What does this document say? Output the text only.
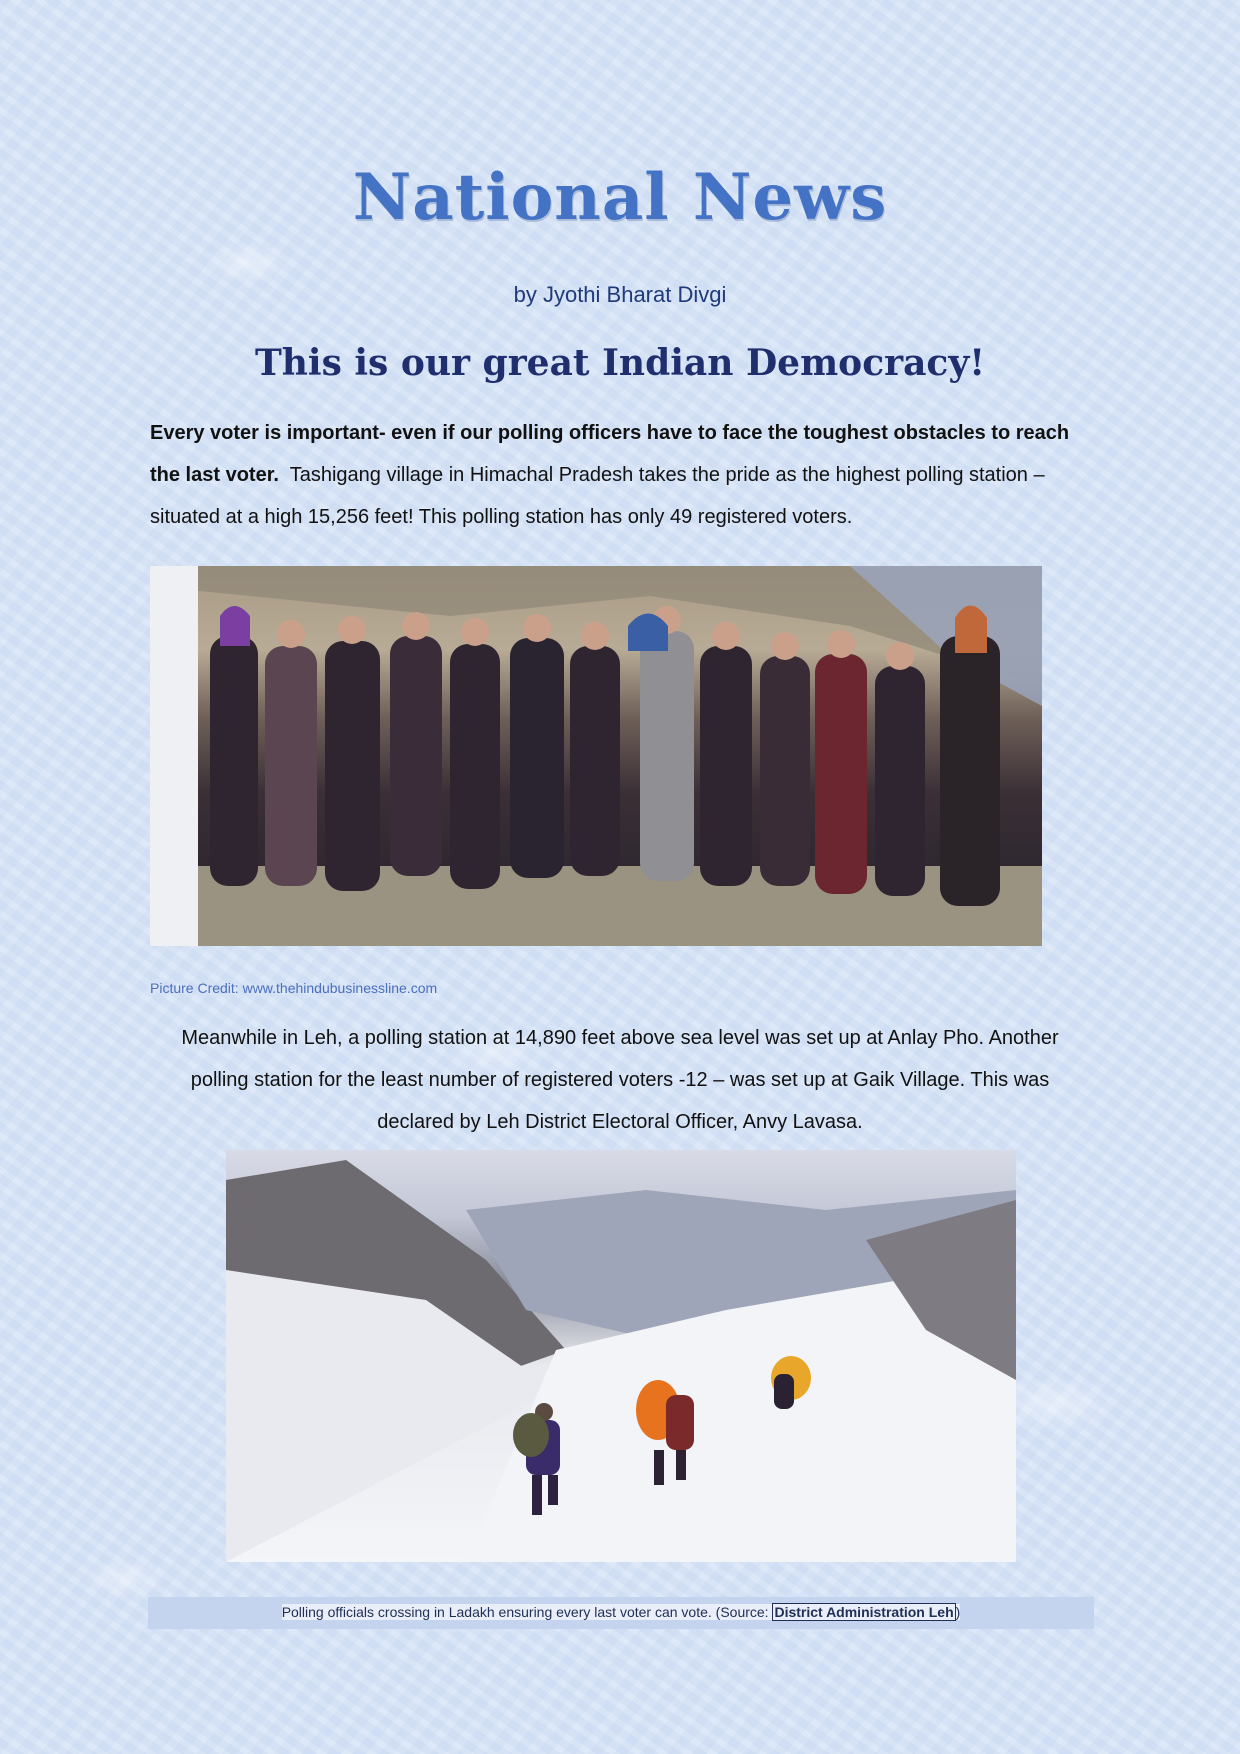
National News

by Jyothi Bharat Divgi

This is our great Indian Democracy!

Every voter is important- even if our polling officers have to face the toughest obstacles to reach the last voter. Tashigang village in Himachal Pradesh takes the pride as the highest polling station – situated at a high 15,256 feet! This polling station has only 49 registered voters.

Picture Credit: www.thehindubusinessline.com

Meanwhile in Leh, a polling station at 14,890 feet above sea level was set up at Anlay Pho. Another polling station for the least number of registered voters -12 – was set up at Gaik Village. This was declared by Leh District Electoral Officer, Anvy Lavasa.

Polling officials crossing in Ladakh ensuring every last voter can vote. (Source: District Administration Leh )
